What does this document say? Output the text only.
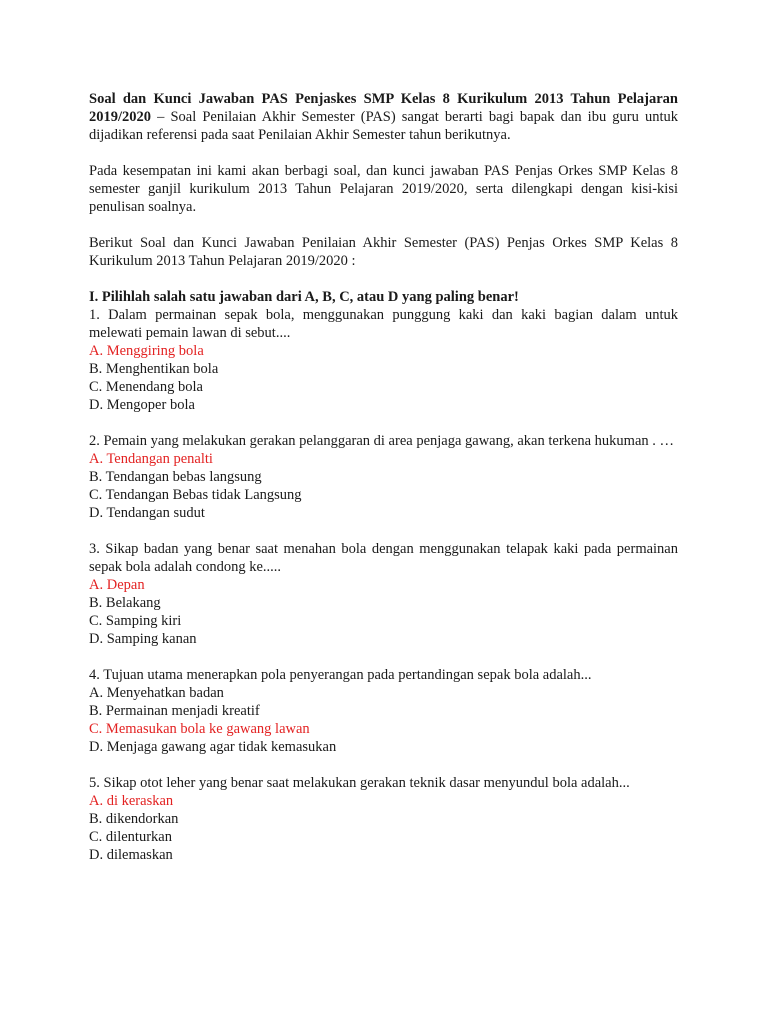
Soal dan Kunci Jawaban PAS Penjaskes SMP Kelas 8 Kurikulum 2013 Tahun Pelajaran 2019/2020 – Soal Penilaian Akhir Semester (PAS) sangat berarti bagi bapak dan ibu guru untuk dijadikan referensi pada saat Penilaian Akhir Semester tahun berikutnya.

Pada kesempatan ini kami akan berbagi soal, dan kunci jawaban PAS Penjas Orkes SMP Kelas 8 semester ganjil kurikulum 2013 Tahun Pelajaran 2019/2020, serta dilengkapi dengan kisi-kisi penulisan soalnya.

Berikut Soal dan Kunci Jawaban Penilaian Akhir Semester (PAS) Penjas Orkes SMP Kelas 8 Kurikulum 2013 Tahun Pelajaran 2019/2020 :

I. Pilihlah salah satu jawaban dari A, B, C, atau D yang paling benar!

1. Dalam permainan sepak bola, menggunakan punggung kaki dan kaki bagian dalam untuk melewati pemain lawan di sebut....

A. Menggiring bola
B. Menghentikan bola
C. Menendang bola
D. Mengoper bola

2. Pemain yang melakukan gerakan pelanggaran di area penjaga gawang, akan terkena hukuman . …

A. Tendangan penalti
B. Tendangan bebas langsung
C. Tendangan Bebas tidak Langsung
D. Tendangan sudut

3. Sikap badan yang benar saat menahan bola dengan menggunakan telapak kaki pada permainan sepak bola adalah condong ke.....

A. Depan
B. Belakang
C. Samping kiri
D. Samping kanan

4. Tujuan utama menerapkan pola penyerangan pada pertandingan sepak bola adalah...

A. Menyehatkan badan
B. Permainan menjadi kreatif
C. Memasukan bola ke gawang lawan
D. Menjaga gawang agar tidak kemasukan

5. Sikap otot leher yang benar saat melakukan gerakan teknik dasar menyundul bola adalah...

A. di keraskan
B. dikendorkan
C. dilenturkan
D. dilemaskan
